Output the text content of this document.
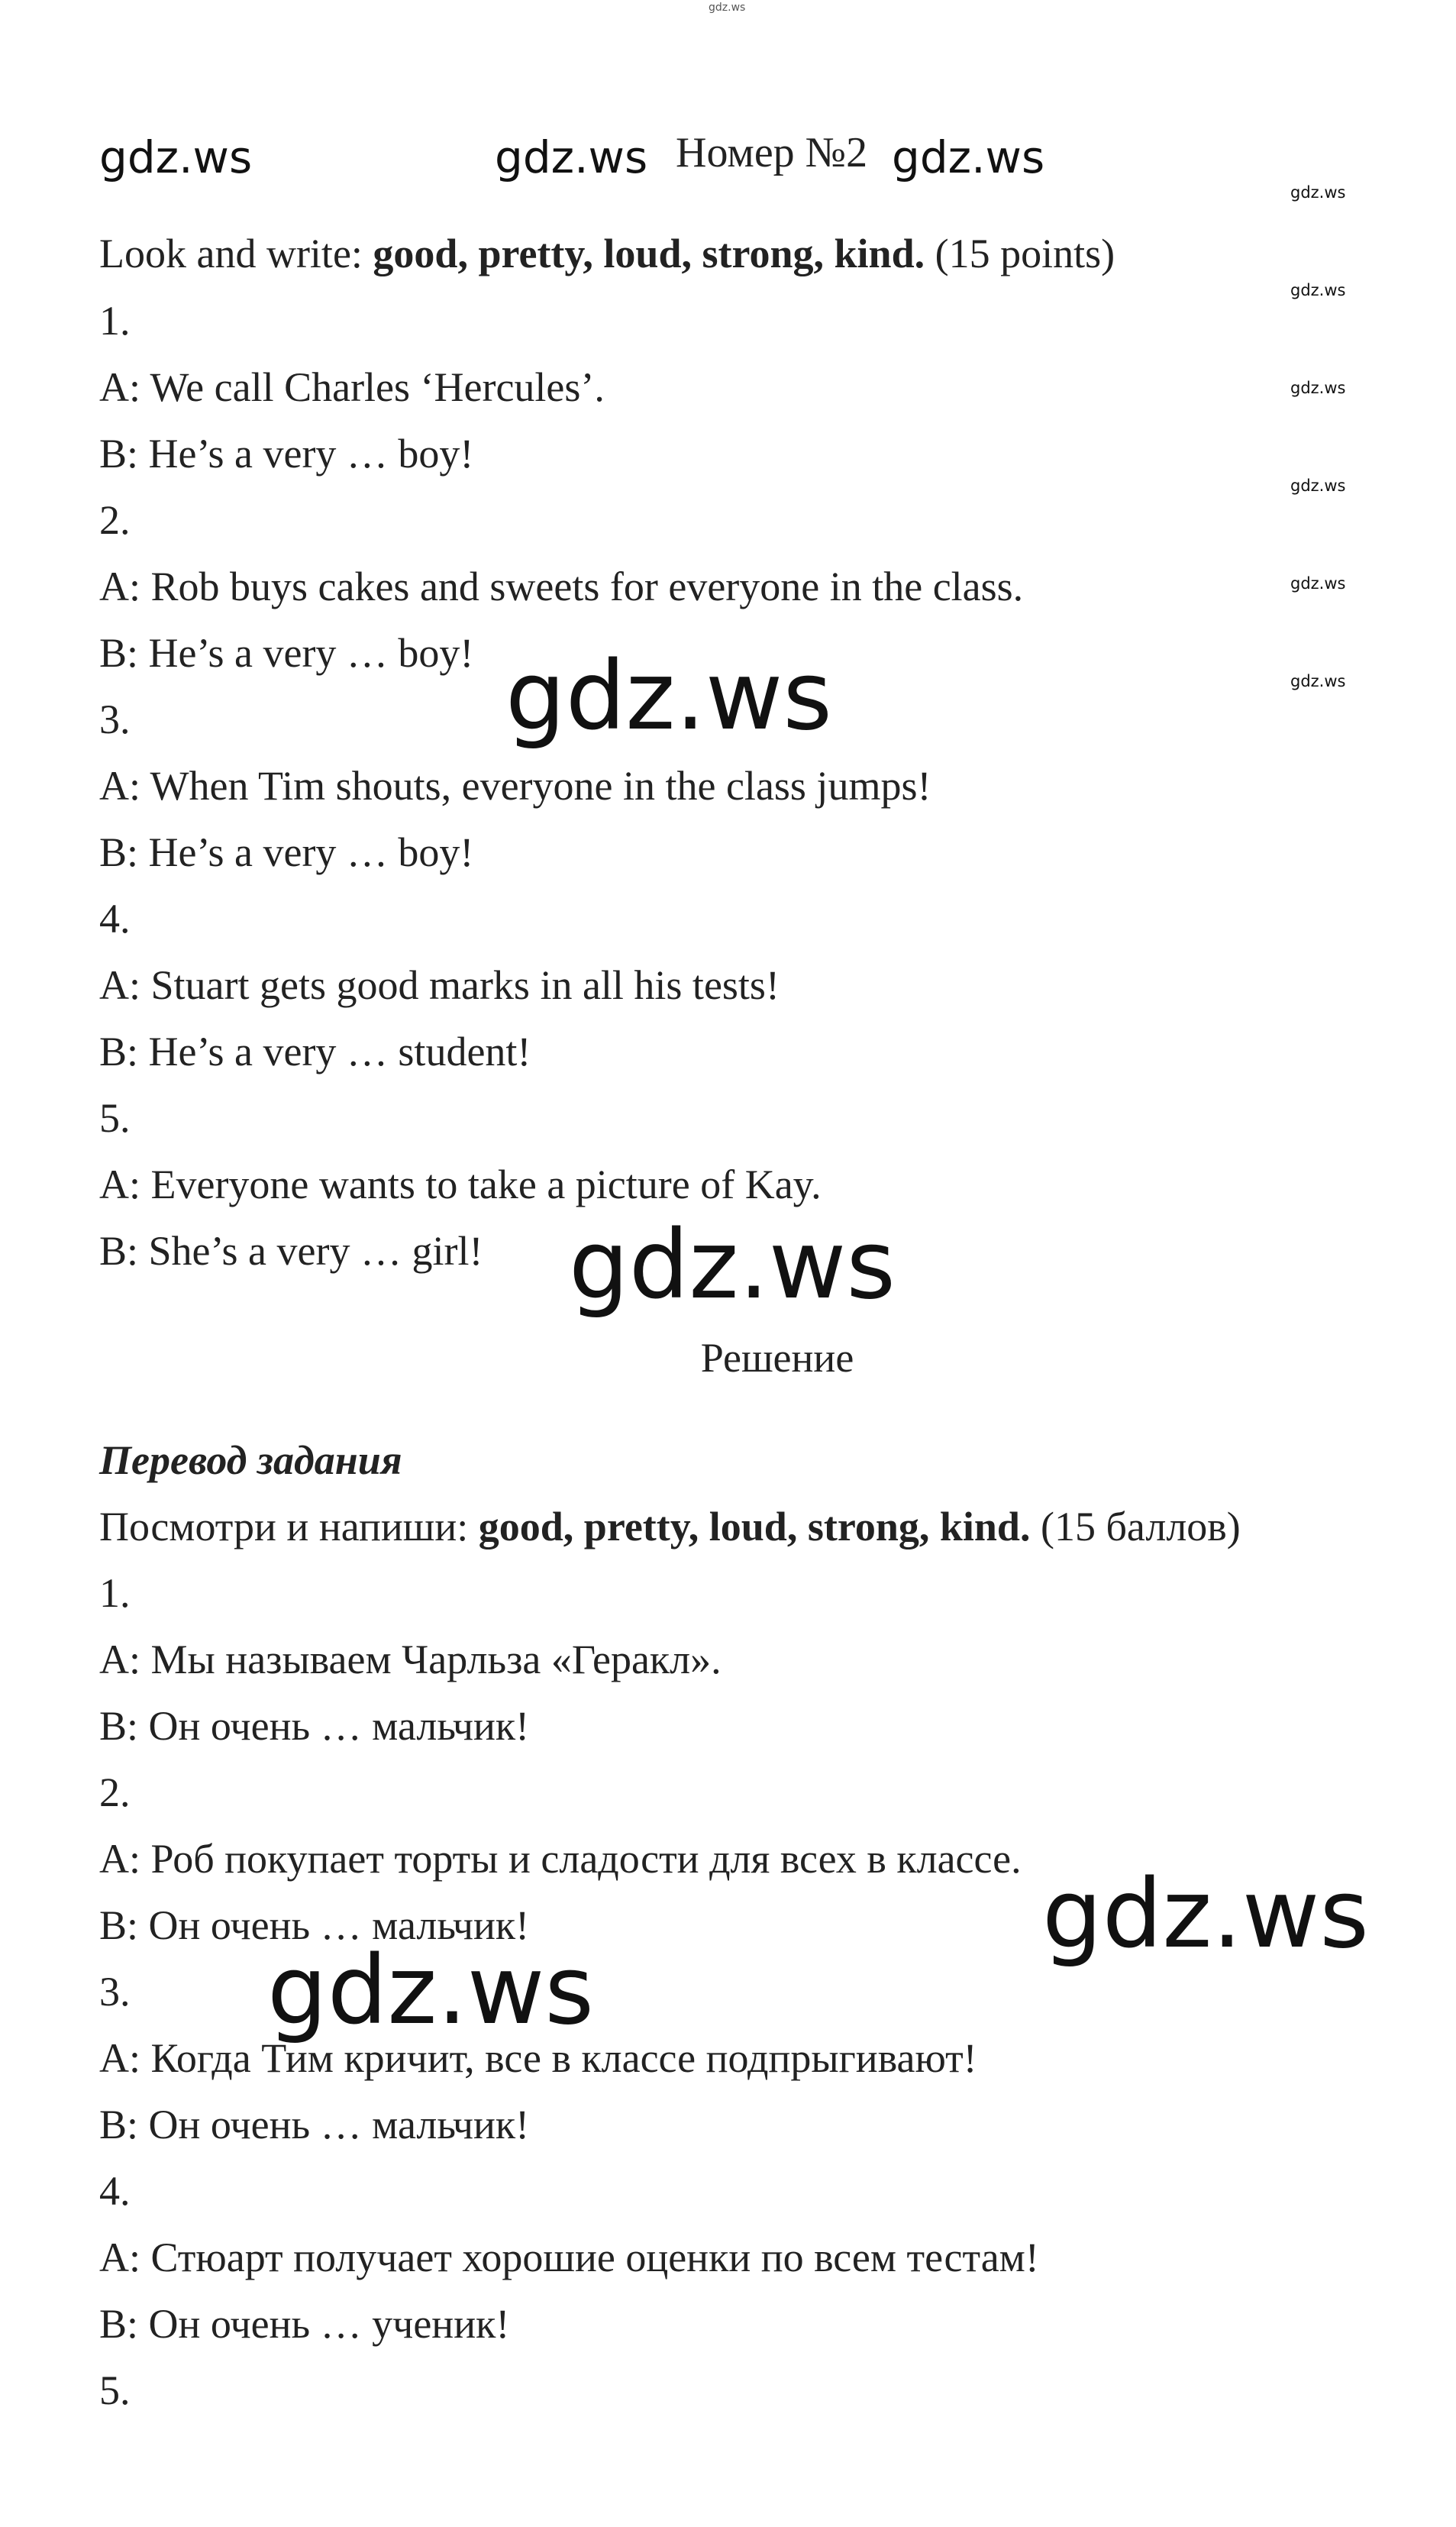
gdz.ws
gdz.ws	gdz.ws	gdz.ws
Номер №2
gdz.ws
gdz.ws
gdz.ws
gdz.ws
gdz.ws
gdz.ws
Look and write: good, pretty, loud, strong, kind. (15 points)
1.
A: We call Charles ‘Hercules’.
B: He’s a very … boy!
2.
A: Rob buys cakes and sweets for everyone in the class.
B: He’s a very … boy!
3.
A: When Tim shouts, everyone in the class jumps!
B: He’s a very … boy!
4.
A: Stuart gets good marks in all his tests!
B: He’s a very … student!
5.
A: Everyone wants to take a picture of Kay.
B: She’s a very … girl!
gdz.ws
gdz.ws
Решение
Перевод задания
Посмотри и напиши: good, pretty, loud, strong, kind. (15 баллов)
1.
A: Мы называем Чарльза «Геракл».
B: Он очень … мальчик!
2.
A: Роб покупает торты и сладости для всех в классе.
B: Он очень … мальчик!
3.
A: Когда Тим кричит, все в классе подпрыгивают!
B: Он очень … мальчик!
4.
A: Стюарт получает хорошие оценки по всем тестам!
B: Он очень … ученик!
5.
gdz.ws
gdz.ws
